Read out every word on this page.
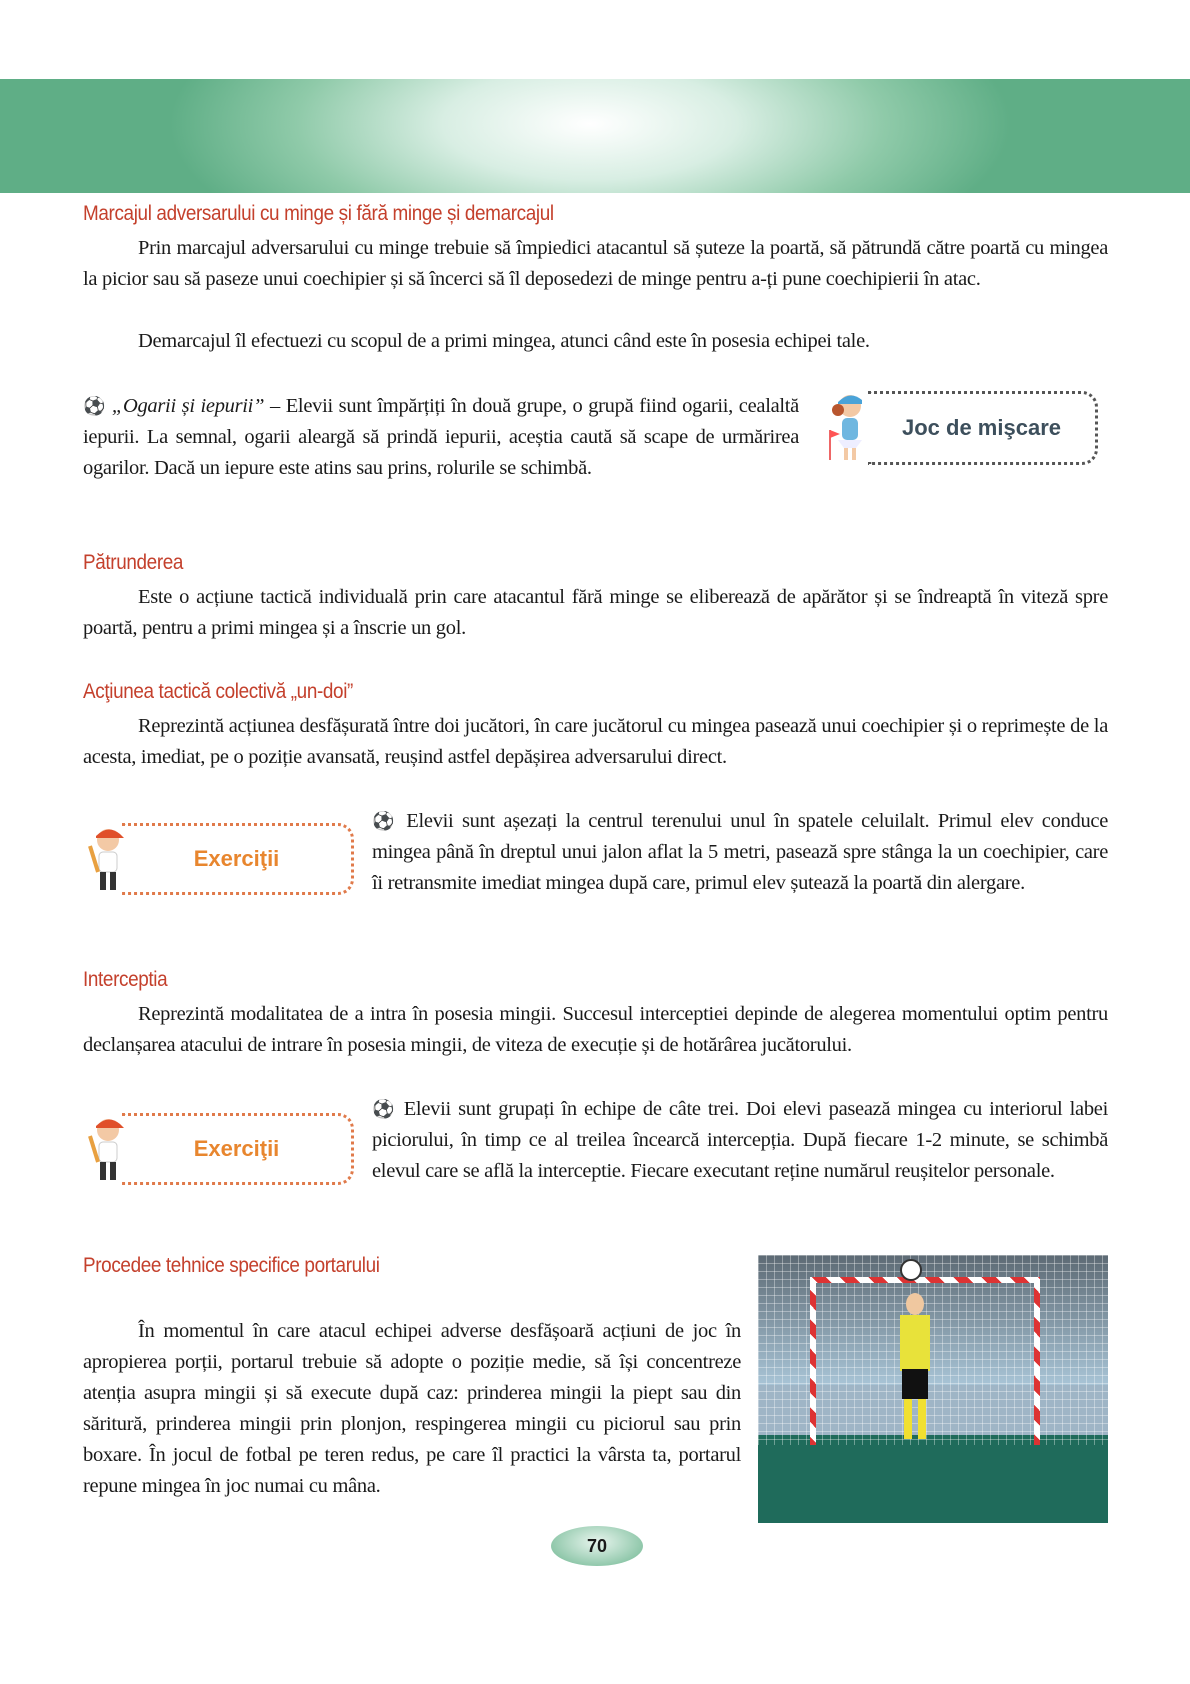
Marcajul adversarului cu minge și fără minge și demarcajul
Prin marcajul adversarului cu minge trebuie să împiedici atacantul să șuteze la poartă, să pătrundă către poartă cu mingea la picior sau să paseze unui coechipier și să încerci să îl deposedezi de minge pentru a-ți pune coechipierii în atac.
Demarcajul îl efectuezi cu scopul de a primi mingea, atunci când este în posesia echipei tale.
⚽ „Ogarii și iepurii” – Elevii sunt împărțiți în două grupe, o grupă fiind ogarii, cealaltă iepurii. La semnal, ogarii aleargă să prindă iepurii, aceștia caută să scape de urmărirea ogarilor. Dacă un iepure este atins sau prins, rolurile se schimbă.
Joc de mişcare
Pătrunderea
Este o acțiune tactică individuală prin care atacantul fără minge se eliberează de apărător și se îndreaptă în viteză spre poartă, pentru a primi mingea și a înscrie un gol.
Acţiunea tactică colectivă „un-doi”
Reprezintă acțiunea desfășurată între doi jucători, în care jucătorul cu mingea pasează unui coechipier și o reprimește de la acesta, imediat, pe o poziție avansată, reușind astfel depășirea adversarului direct.
Exerciţii
⚽ Elevii sunt așezați la centrul terenului unul în spatele celuilalt. Primul elev conduce mingea până în dreptul unui jalon aflat la 5 metri, pasează spre stânga la un coechipier, care îi retransmite imediat mingea după care, primul elev șutează la poartă din alergare.
Interceptia
Reprezintă modalitatea de a intra în posesia mingii. Succesul interceptiei depinde de alegerea momentului optim pentru declanșarea atacului de intrare în posesia mingii, de viteza de execuție și de hotărârea jucătorului.
Exerciţii
⚽ Elevii sunt grupați în echipe de câte trei. Doi elevi pasează mingea cu interiorul labei piciorului, în timp ce al treilea încearcă intercepția. După fiecare 1-2 minute, se schimbă elevul care se află la interceptie. Fiecare executant reține numărul reușitelor personale.
Procedee tehnice specifice portarului
În momentul în care atacul echipei adverse desfășoară acțiuni de joc în apropierea porții, portarul trebuie să adopte o poziție medie, să își concentreze atenția asupra mingii și să execute după caz: prinderea mingii la piept sau din săritură, prinderea mingii prin plonjon, respingerea mingii cu piciorul sau prin boxare. În jocul de fotbal pe teren redus, pe care îl practici la vârsta ta, portarul repune mingea în joc numai cu mâna.
70
